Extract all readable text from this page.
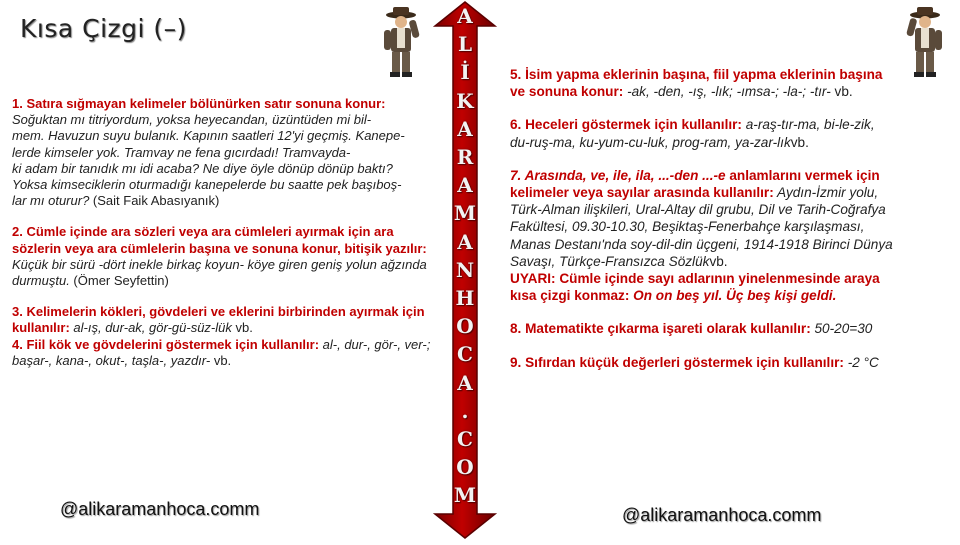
Kısa Çizgi (–)	A
L
İ
K
A
R
A
M
A
N
H
O
C
A
.
C
O
M
1. Satıra sığmayan kelimeler bölünürken satır sonuna konur:
Soğuktan mı titriyordum, yoksa heyecandan, üzüntüden mi bil-
mem. Havuzun suyu bulanık. Kapının saatleri 12'yi geçmiş. Kanepe-
lerde kimseler yok. Tramvay ne fena gıcırdadı! Tramvayda-
ki adam bir tanıdık mı idi acaba? Ne diye öyle dönüp dönüp baktı?
Yoksa kimseciklerin oturmadığı kanepelerde bu saatte pek başıboş-
lar mı oturur? (Sait Faik Abasıyanık)
2. Cümle içinde ara sözleri veya ara cümleleri ayırmak için ara sözlerin veya ara cümlelerin başına ve sonuna konur, bitişik yazılır:
Küçük bir sürü -dört inekle birkaç koyun- köye giren geniş yolun ağzında durmuştu. (Ömer Seyfettin)
3. Kelimelerin kökleri, gövdeleri ve eklerini birbirinden ayırmak için kullanılır: al-ış, dur-ak, gör-gü-süz-lük vb.
4. Fiil kök ve gövdelerini göstermek için kullanılır: al-, dur-, gör-, ver-; başar-, kana-, okut-, taşla-, yazdır- vb.
5. İsim yapma eklerinin başına, fiil yapma eklerinin başına ve sonuna konur: -ak, -den, -ış, -lık; -ımsa-; -la-; -tır- vb.
6. Heceleri göstermek için kullanılır: a-raş-tır-ma, bi-le-zik, du-ruş-ma, ku-yum-cu-luk, prog-ram, ya-zar-lıkvb.
7. Arasında, ve, ile, ila, ...-den ...-e anlamlarını vermek için kelimeler veya sayılar arasında kullanılır: Aydın-İzmir yolu, Türk-Alman ilişkileri, Ural-Altay dil grubu, Dil ve Tarih-Coğrafya Fakültesi, 09.30-10.30, Beşiktaş-Fenerbahçe karşılaşması, Manas Destanı'nda soy-dil-din üçgeni, 1914-1918 Birinci Dünya Savaşı, Türkçe-Fransızca Sözlükvb.
UYARI: Cümle içinde sayı adlarının yinelenmesinde araya kısa çizgi konmaz: On on beş yıl. Üç beş kişi geldi.
8. Matematikte çıkarma işareti olarak kullanılır: 50-20=30
9. Sıfırdan küçük değerleri göstermek için kullanılır: -2 °C
@alikaramanhoca.comm	@alikaramanhoca.comm
